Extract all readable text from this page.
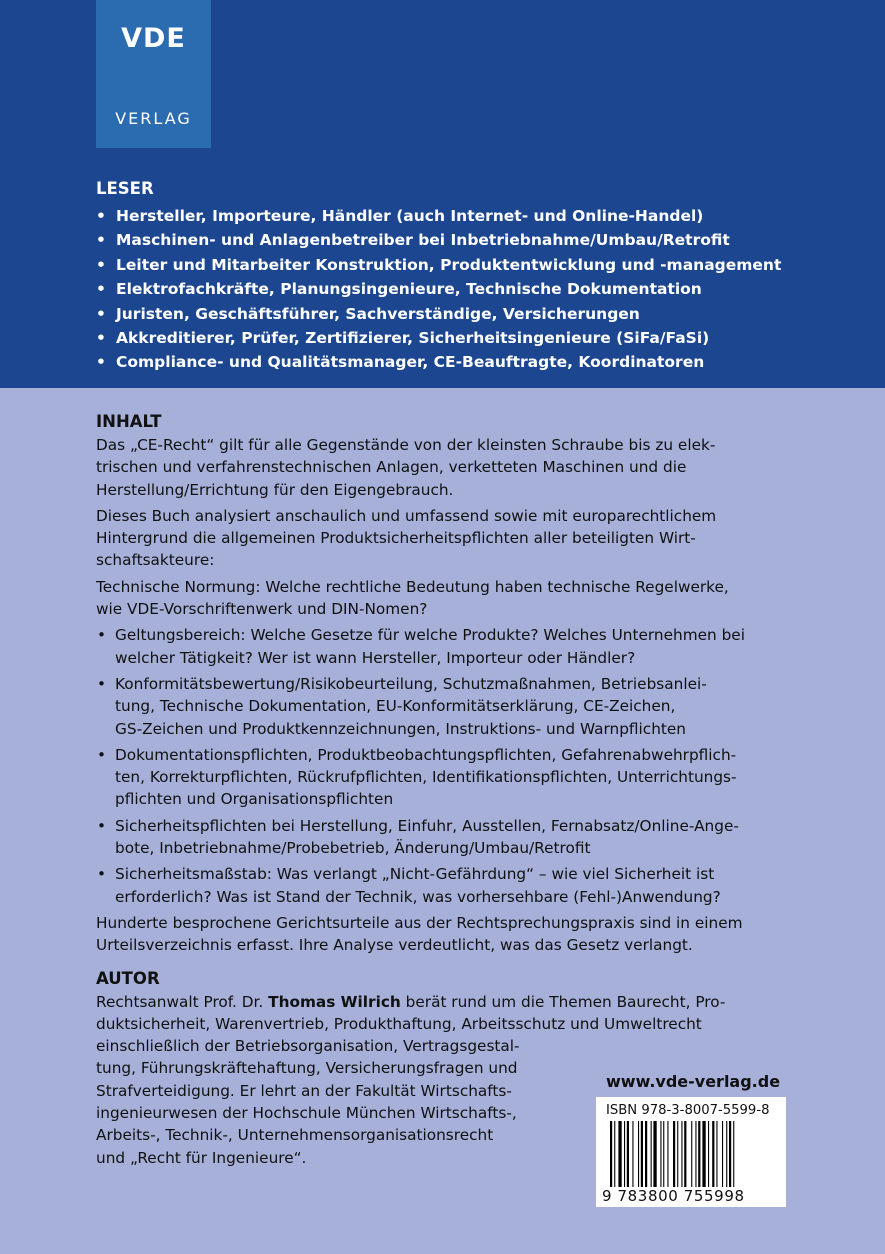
VDE
VERLAG
LESER
• Hersteller, Importeure, Händler (auch Internet- und Online-Handel)
• Maschinen- und Anlagenbetreiber bei Inbetriebnahme/Umbau/Retrofit
• Leiter und Mitarbeiter Konstruktion, Produktentwicklung und -management
• Elektrofachkräfte, Planungsingenieure, Technische Dokumentation
• Juristen, Geschäftsführer, Sachverständige, Versicherungen
• Akkreditierer, Prüfer, Zertifizierer, Sicherheitsingenieure (SiFa/FaSi)
• Compliance- und Qualitätsmanager, CE-Beauftragte, Koordinatoren
INHALT
Das „CE-Recht“ gilt für alle Gegenstände von der kleinsten Schraube bis zu elek-
trischen und verfahrenstechnischen Anlagen, verketteten Maschinen und die
Herstellung/Errichtung für den Eigengebrauch.
Dieses Buch analysiert anschaulich und umfassend sowie mit europarechtlichem
Hintergrund die allgemeinen Produktsicherheitspflichten aller beteiligten Wirt-
schaftsakteure:
Technische Normung: Welche rechtliche Bedeutung haben technische Regelwerke,
wie VDE-Vorschriftenwerk und DIN-Nomen?
• Geltungsbereich: Welche Gesetze für welche Produkte? Welches Unternehmen bei
welcher Tätigkeit? Wer ist wann Hersteller, Importeur oder Händler?
• Konformitätsbewertung/Risikobeurteilung, Schutzmaßnahmen, Betriebsanlei-
tung, Technische Dokumentation, EU-Konformitätserklärung, CE-Zeichen,
GS-Zeichen und Produktkennzeichnungen, Instruktions- und Warnpflichten
• Dokumentationspflichten, Produktbeobachtungspflichten, Gefahrenabwehrpflich-
ten, Korrekturpflichten, Rückrufpflichten, Identifikationspflichten, Unterrichtungs-
pflichten und Organisationspflichten
• Sicherheitspflichten bei Herstellung, Einfuhr, Ausstellen, Fernabsatz/Online-Ange-
bote, Inbetriebnahme/Probebetrieb, Änderung/Umbau/Retrofit
• Sicherheitsmaßstab: Was verlangt „Nicht-Gefährdung“ – wie viel Sicherheit ist
erforderlich? Was ist Stand der Technik, was vorhersehbare (Fehl-)Anwendung?
Hunderte besprochene Gerichtsurteile aus der Rechtsprechungspraxis sind in einem
Urteilsverzeichnis erfasst. Ihre Analyse verdeutlicht, was das Gesetz verlangt.
AUTOR
Rechtsanwalt Prof. Dr. Thomas Wilrich berät rund um die Themen Baurecht, Pro-
duktsicherheit, Warenvertrieb, Produkthaftung, Arbeitsschutz und Umweltrecht
einschließlich der Betriebsorganisation, Vertragsgestal-
tung, Führungskräftehaftung, Versicherungsfragen und
Strafverteidigung. Er lehrt an der Fakultät Wirtschafts-
ingenieurwesen der Hochschule München Wirtschafts-,
Arbeits-, Technik-, Unternehmensorganisationsrecht
und „Recht für Ingenieure“.
www.vde-verlag.de
ISBN 978-3-8007-5599-8
9 783800 755998
